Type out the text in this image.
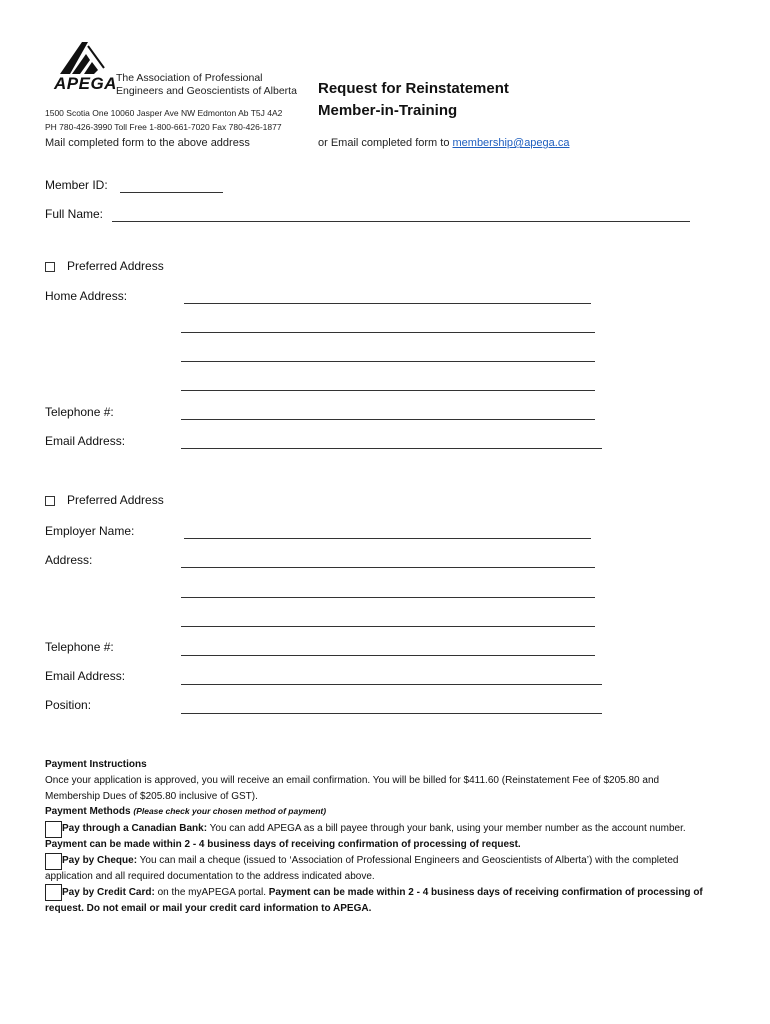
APEGA The Association of Professional
Engineers and Geoscientists of Alberta
1500 Scotia One 10060 Jasper Ave NW Edmonton Ab T5J 4A2
PH 780-426-3990 Toll Free 1-800-661-7020 Fax 780-426-1877
Mail completed form to the above address
Request for Reinstatement
Member-in-Training
or Email completed form to membership@apega.ca
Member ID:
Full Name:
Preferred Address
Home Address:
Telephone #:
Email Address:
Preferred Address
Employer Name:
Address:
Telephone #:
Email Address:
Position:
Payment Instructions
Once your application is approved, you will receive an email confirmation. You will be billed for $411.60 (Reinstatement Fee of $205.80 and Membership Dues of $205.80 inclusive of GST).
Payment Methods (Please check your chosen method of payment)
Pay through a Canadian Bank: You can add APEGA as a bill payee through your bank, using your member number as the account number. Payment can be made within 2 - 4 business days of receiving confirmation of processing of request.
Pay by Cheque: You can mail a cheque (issued to ‘Association of Professional Engineers and Geoscientists of Alberta’) with the completed application and all required documentation to the address indicated above.
Pay by Credit Card: on the myAPEGA portal. Payment can be made within 2 - 4 business days of receiving confirmation of processing of request. Do not email or mail your credit card information to APEGA.
